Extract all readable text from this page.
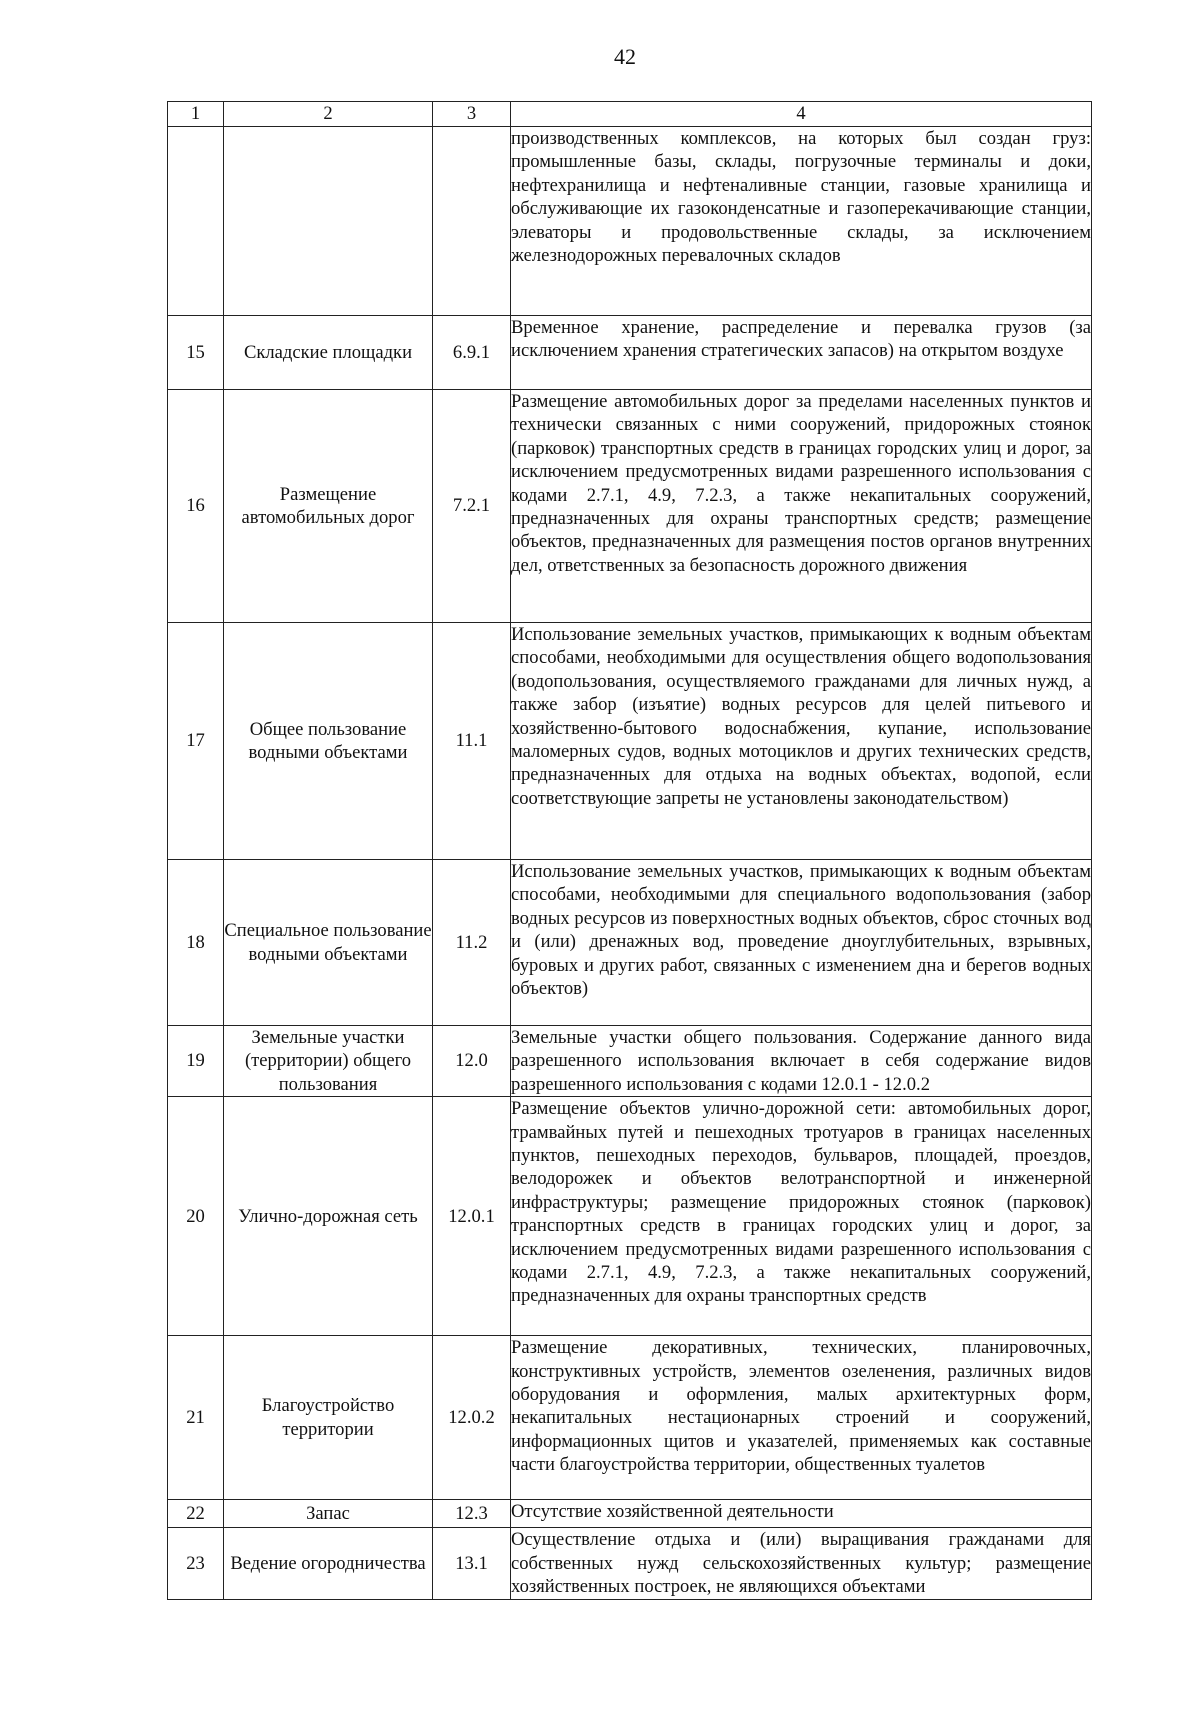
42
1	2	3	4
			производственных комплексов, на которых был создан груз: промышленные базы, склады, погрузочные терминалы и доки, нефтехранилища и нефтеналивные станции, газовые хранилища и обслуживающие их газоконденсатные и газоперекачивающие станции, элеваторы и продовольственные склады, за исключением железнодорожных перевалочных складов
15	Складские площадки	6.9.1	Временное хранение, распределение и перевалка грузов (за исключением хранения стратегических запасов) на открытом воздухе
16	Размещение автомобильных дорог	7.2.1	Размещение автомобильных дорог за пределами населенных пунктов и технически связанных с ними сооружений, придорожных стоянок (парковок) транспортных средств в границах городских улиц и дорог, за исключением предусмотренных видами разрешенного использования с кодами 2.7.1, 4.9, 7.2.3, а также некапитальных сооружений, предназначенных для охраны транспортных средств; размещение объектов, предназначенных для размещения постов органов внутренних дел, ответственных за безопасность дорожного движения
17	Общее пользование водными объектами	11.1	Использование земельных участков, примыкающих к водным объектам способами, необходимыми для осуществления общего водопользования (водопользования, осуществляемого гражданами для личных нужд, а также забор (изъятие) водных ресурсов для целей питьевого и хозяйственно-бытового водоснабжения, купание, использование маломерных судов, водных мотоциклов и других технических средств, предназначенных для отдыха на водных объектах, водопой, если соответствующие запреты не установлены законодательством)
18	Специальное пользование водными объектами	11.2	Использование земельных участков, примыкающих к водным объектам способами, необходимыми для специального водопользования (забор водных ресурсов из поверхностных водных объектов, сброс сточных вод и (или) дренажных вод, проведение дноуглубительных, взрывных, буровых и других работ, связанных с изменением дна и берегов водных объектов)
19	Земельные участки (территории) общего пользования	12.0	Земельные участки общего пользования. Содержание данного вида разрешенного использования включает в себя содержание видов разрешенного использования с кодами 12.0.1 - 12.0.2
20	Улично-дорожная сеть	12.0.1	Размещение объектов улично-дорожной сети: автомобильных дорог, трамвайных путей и пешеходных тротуаров в границах населенных пунктов, пешеходных переходов, бульваров, площадей, проездов, велодорожек и объектов велотранспортной и инженерной инфраструктуры; размещение придорожных стоянок (парковок) транспортных средств в границах городских улиц и дорог, за исключением предусмотренных видами разрешенного использования с кодами 2.7.1, 4.9, 7.2.3, а также некапитальных сооружений, предназначенных для охраны транспортных средств
21	Благоустройство территории	12.0.2	Размещение декоративных, технических, планировочных, конструктивных устройств, элементов озеленения, различных видов оборудования и оформления, малых архитектурных форм, некапитальных нестационарных строений и сооружений, информационных щитов и указателей, применяемых как составные части благоустройства территории, общественных туалетов
22	Запас	12.3	Отсутствие хозяйственной деятельности
23	Ведение огородничества	13.1	Осуществление отдыха и (или) выращивания гражданами для собственных нужд сельскохозяйственных культур; размещение хозяйственных построек, не являющихся объектами
